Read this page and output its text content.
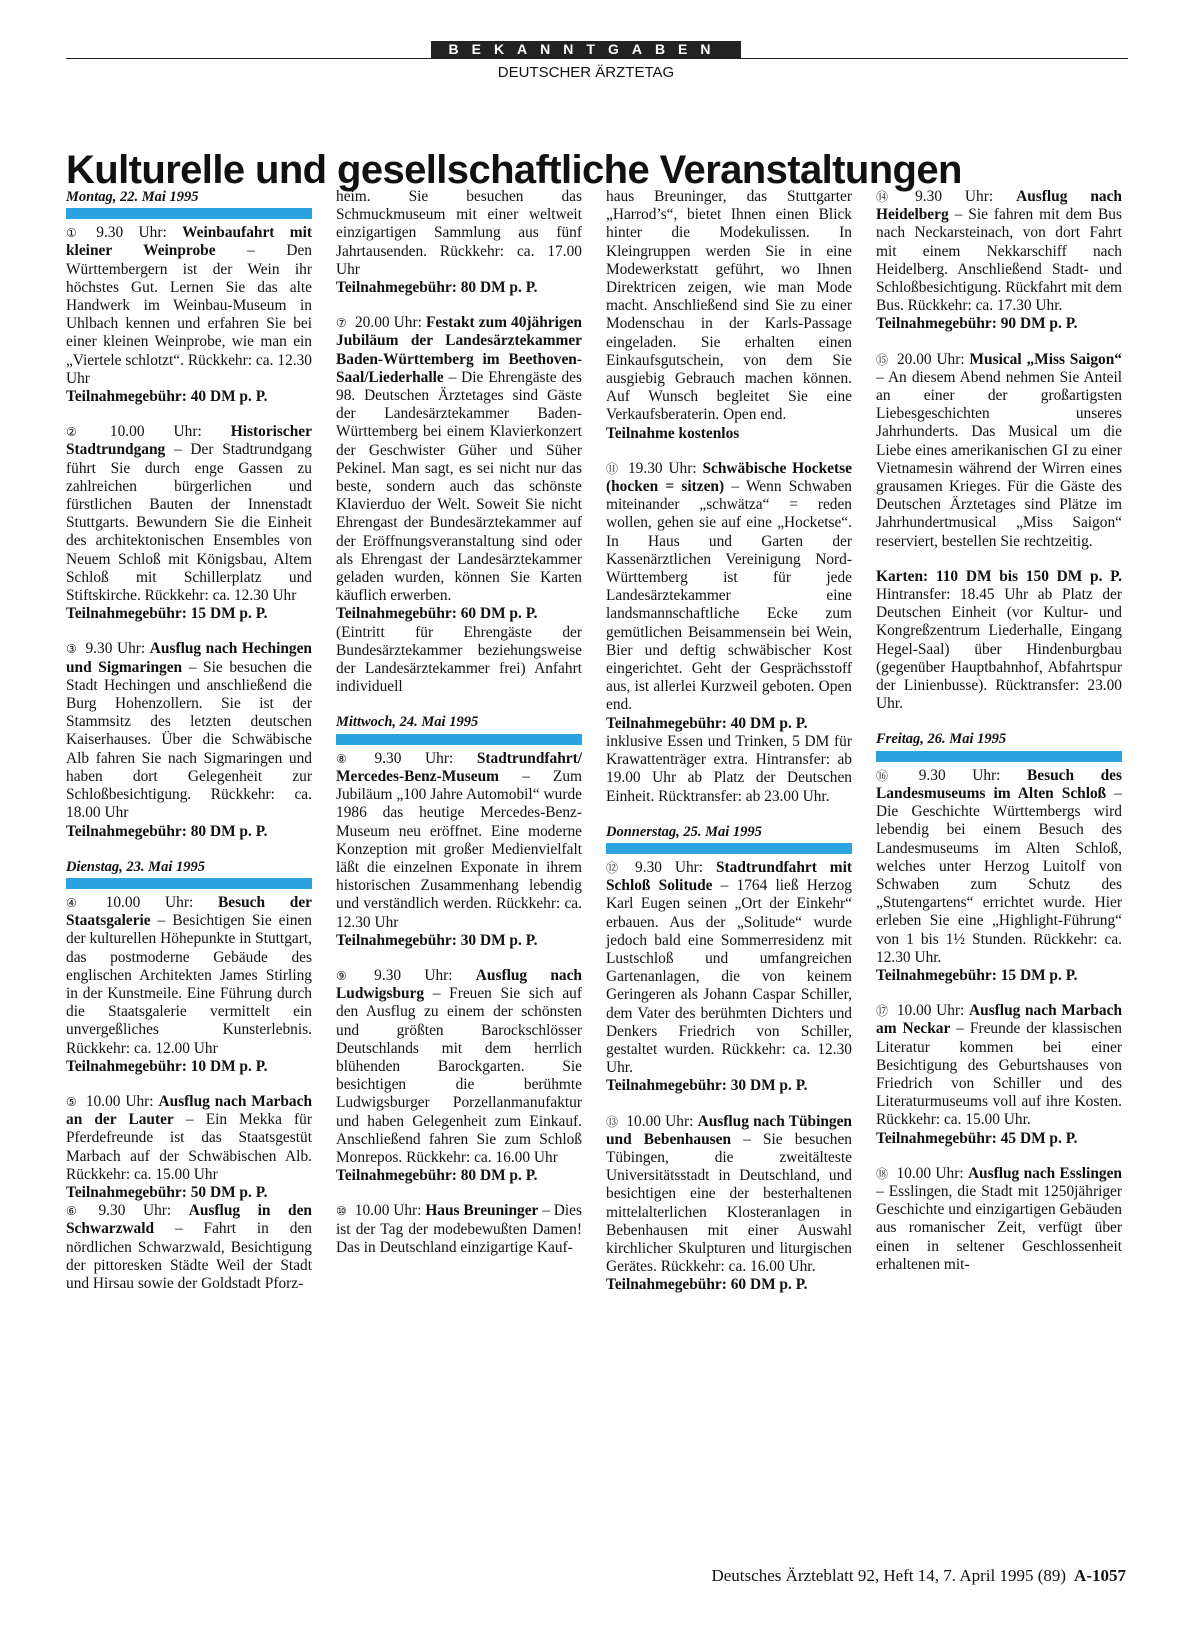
BEKANNTGABEN
DEUTSCHER ÄRZTETAG
Kulturelle und gesellschaftliche Veranstaltungen
Montag, 22. Mai 1995

① 9.30 Uhr: Weinbaufahrt mit kleiner Weinprobe – Den Württembergern ist der Wein ihr höchstes Gut. Lernen Sie das alte Handwerk im Weinbau-Museum in Uhlbach kennen und erfahren Sie bei einer kleinen Weinprobe, wie man ein „Viertele schlotzt“. Rückkehr: ca. 12.30 Uhr
Teilnahmegebühr: 40 DM p. P.

② 10.00 Uhr: Historischer Stadtrundgang – Der Stadtrundgang führt Sie durch enge Gassen zu zahlreichen bürgerlichen und fürstlichen Bauten der Innenstadt Stuttgarts. Bewundern Sie die Einheit des architektonischen Ensembles von Neuem Schloß mit Königsbau, Altem Schloß mit Schillerplatz und Stiftskirche. Rückkehr: ca. 12.30 Uhr
Teilnahmegebühr: 15 DM p. P.

③ 9.30 Uhr: Ausflug nach Hechingen und Sigmaringen – Sie besuchen die Stadt Hechingen und anschließend die Burg Hohenzollern. Sie ist der Stammsitz des letzten deutschen Kaiserhauses. Über die Schwäbische Alb fahren Sie nach Sigmaringen und haben dort Gelegenheit zur Schloßbesichtigung. Rückkehr: ca. 18.00 Uhr
Teilnahmegebühr: 80 DM p. P.

Dienstag, 23. Mai 1995

④ 10.00 Uhr: Besuch der Staatsgalerie – Besichtigen Sie einen der kulturellen Höhepunkte in Stuttgart, das postmoderne Gebäude des englischen Architekten James Stirling in der Kunstmeile. Eine Führung durch die Staatsgalerie vermittelt ein unvergeßliches Kunsterlebnis. Rückkehr: ca. 12.00 Uhr
Teilnahmegebühr: 10 DM p. P.

⑤ 10.00 Uhr: Ausflug nach Marbach an der Lauter – Ein Mekka für Pferdefreunde ist das Staatsgestüt Marbach auf der Schwäbischen Alb. Rückkehr: ca. 15.00 Uhr
Teilnahmegebühr: 50 DM p. P.

⑥ 9.30 Uhr: Ausflug in den Schwarzwald – Fahrt in den nördlichen Schwarzwald, Besichtigung der pittoresken Städte Weil der Stadt und Hirsau sowie der Goldstadt Pforz-

heim. Sie besuchen das Schmuckmuseum mit einer weltweit einzigartigen Sammlung aus fünf Jahrtausenden. Rückkehr: ca. 17.00 Uhr
Teilnahmegebühr: 80 DM p. P.

⑦ 20.00 Uhr: Festakt zum 40jährigen Jubiläum der Landesärztekammer Baden-Württemberg im Beethoven-Saal/Liederhalle – Die Ehrengäste des 98. Deutschen Ärztetages sind Gäste der Landesärztekammer Baden-Württemberg bei einem Klavierkonzert der Geschwister Güher und Süher Pekinel. Man sagt, es sei nicht nur das beste, sondern auch das schönste Klavierduo der Welt. Soweit Sie nicht Ehrengast der Bundesärztekammer auf der Eröffnungsveranstaltung sind oder als Ehrengast der Landesärztekammer geladen wurden, können Sie Karten käuflich erwerben.
Teilnahmegebühr: 60 DM p. P.
(Eintritt für Ehrengäste der Bundesärztekammer beziehungsweise der Landesärztekammer frei) Anfahrt individuell

Mittwoch, 24. Mai 1995

⑧ 9.30 Uhr: Stadtrundfahrt/ Mercedes-Benz-Museum – Zum Jubiläum „100 Jahre Automobil“ wurde 1986 das heutige Mercedes-Benz-Museum neu eröffnet. Eine moderne Konzeption mit großer Medienvielfalt läßt die einzelnen Exponate in ihrem historischen Zusammenhang lebendig und verständlich werden. Rückkehr: ca. 12.30 Uhr
Teilnahmegebühr: 30 DM p. P.

⑨ 9.30 Uhr: Ausflug nach Ludwigsburg – Freuen Sie sich auf den Ausflug zu einem der schönsten und größten Barockschlösser Deutschlands mit dem herrlich blühenden Barockgarten. Sie besichtigen die berühmte Ludwigsburger Porzellanmanufaktur und haben Gelegenheit zum Einkauf. Anschließend fahren Sie zum Schloß Monrepos. Rückkehr: ca. 16.00 Uhr
Teilnahmegebühr: 80 DM p. P.

⑩ 10.00 Uhr: Haus Breuninger – Dies ist der Tag der modebewußten Damen! Das in Deutschland einzigartige Kauf-

haus Breuninger, das Stuttgarter „Harrod’s“, bietet Ihnen einen Blick hinter die Modekulissen. In Kleingruppen werden Sie in eine Modewerkstatt geführt, wo Ihnen Direktricen zeigen, wie man Mode macht. Anschließend sind Sie zu einer Modenschau in der Karls-Passage eingeladen. Sie erhalten einen Einkaufsgutschein, von dem Sie ausgiebig Gebrauch machen können. Auf Wunsch begleitet Sie eine Verkaufsberaterin. Open end.
Teilnahme kostenlos

⑪ 19.30 Uhr: Schwäbische Hocketse (hocken = sitzen) – Wenn Schwaben miteinander „schwätza“ = reden wollen, gehen sie auf eine „Hocketse“. In Haus und Garten der Kassenärztlichen Vereinigung Nord-Württemberg ist für jede Landesärztekammer eine landsmannschaftliche Ecke zum gemütlichen Beisammensein bei Wein, Bier und deftig schwäbischer Kost eingerichtet. Geht der Gesprächsstoff aus, ist allerlei Kurzweil geboten. Open end.
Teilnahmegebühr: 40 DM p. P.
inklusive Essen und Trinken, 5 DM für Krawattenträger extra. Hintransfer: ab 19.00 Uhr ab Platz der Deutschen Einheit. Rücktransfer: ab 23.00 Uhr.

Donnerstag, 25. Mai 1995

⑫ 9.30 Uhr: Stadtrundfahrt mit Schloß Solitude – 1764 ließ Herzog Karl Eugen seinen „Ort der Einkehr“ erbauen. Aus der „Solitude“ wurde jedoch bald eine Sommerresidenz mit Lustschloß und umfangreichen Gartenanlagen, die von keinem Geringeren als Johann Caspar Schiller, dem Vater des berühmten Dichters und Denkers Friedrich von Schiller, gestaltet wurden. Rückkehr: ca. 12.30 Uhr.
Teilnahmegebühr: 30 DM p. P.

⑬ 10.00 Uhr: Ausflug nach Tübingen und Bebenhausen – Sie besuchen Tübingen, die zweitälteste Universitätsstadt in Deutschland, und besichtigen eine der besterhaltenen mittelalterlichen Klosteranlagen in Bebenhausen mit einer Auswahl kirchlicher Skulpturen und liturgischen Gerätes. Rückkehr: ca. 16.00 Uhr.
Teilnahmegebühr: 60 DM p. P.

⑭ 9.30 Uhr: Ausflug nach Heidelberg – Sie fahren mit dem Bus nach Neckarsteinach, von dort Fahrt mit einem Nekkarschiff nach Heidelberg. Anschließend Stadt- und Schloßbesichtigung. Rückfahrt mit dem Bus. Rückkehr: ca. 17.30 Uhr.
Teilnahmegebühr: 90 DM p. P.

⑮ 20.00 Uhr: Musical „Miss Saigon“ – An diesem Abend nehmen Sie Anteil an einer der großartigsten Liebesgeschichten unseres Jahrhunderts. Das Musical um die Liebe eines amerikanischen GI zu einer Vietnamesin während der Wirren eines grausamen Krieges. Für die Gäste des Deutschen Ärztetages sind Plätze im Jahrhundertmusical „Miss Saigon“ reserviert, bestellen Sie rechtzeitig.

Karten: 110 DM bis 150 DM p. P. Hintransfer: 18.45 Uhr ab Platz der Deutschen Einheit (vor Kultur- und Kongreßzentrum Liederhalle, Eingang Hegel-Saal) über Hindenburgbau (gegenüber Hauptbahnhof, Abfahrtspur der Linienbusse). Rücktransfer: 23.00 Uhr.

Freitag, 26. Mai 1995

⑯ 9.30 Uhr: Besuch des Landesmuseums im Alten Schloß – Die Geschichte Württembergs wird lebendig bei einem Besuch des Landesmuseums im Alten Schloß, welches unter Herzog Luitolf von Schwaben zum Schutz des „Stutengartens“ errichtet wurde. Hier erleben Sie eine „Highlight-Führung“ von 1 bis 1½ Stunden. Rückkehr: ca. 12.30 Uhr.
Teilnahmegebühr: 15 DM p. P.

⑰ 10.00 Uhr: Ausflug nach Marbach am Neckar – Freunde der klassischen Literatur kommen bei einer Besichtigung des Geburtshauses von Friedrich von Schiller und des Literaturmuseums voll auf ihre Kosten. Rückkehr: ca. 15.00 Uhr.
Teilnahmegebühr: 45 DM p. P.

⑱ 10.00 Uhr: Ausflug nach Esslingen – Esslingen, die Stadt mit 1250jähriger Geschichte und einzigartigen Gebäuden aus romanischer Zeit, verfügt über einen in seltener Geschlossenheit erhaltenen mit-

Deutsches Ärzteblatt 92, Heft 14, 7. April 1995 (89) A-1057
